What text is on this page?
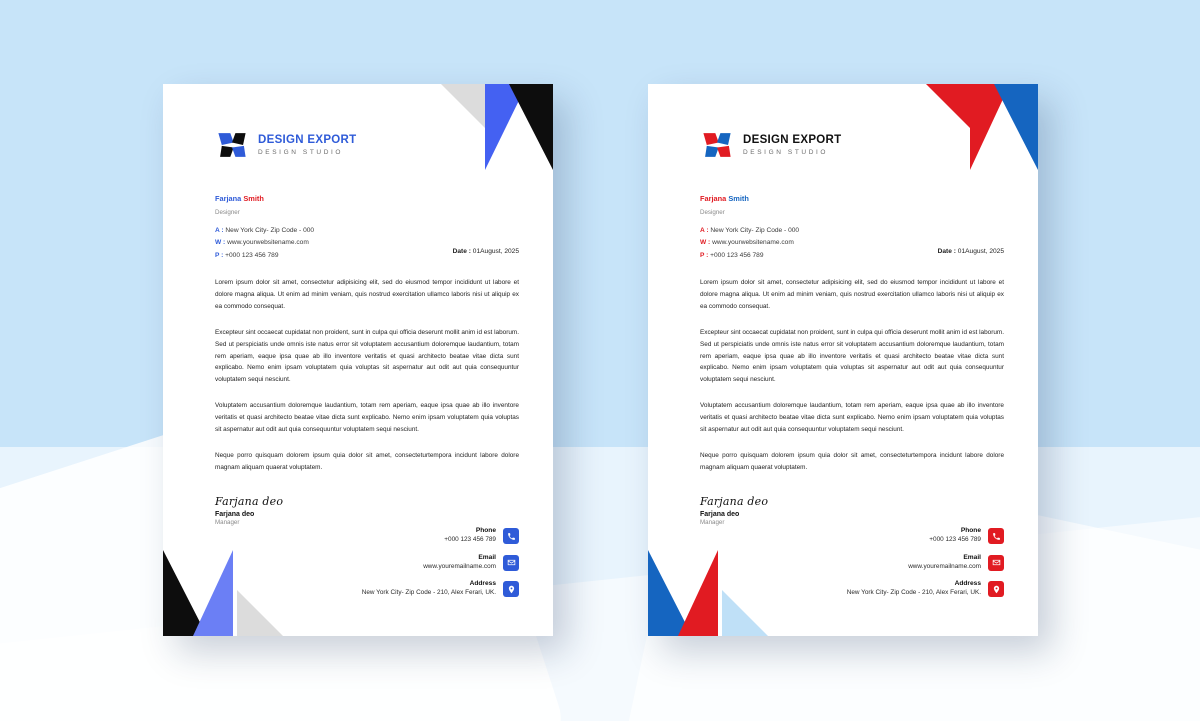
DESIGN EXPORT
DESIGN STUDIO
Farjana Smith
Designer
A : New York City- Zip Code - 000
W : www.yourwebsitename.com
P : +000 123 456 789	Date : 01August, 2025

Lorem ipsum dolor sit amet, consectetur adipisicing elit, sed do eiusmod tempor incididunt ut labore et dolore magna aliqua. Ut enim ad minim veniam, quis nostrud exercitation ullamco laboris nisi ut aliquip ex ea commodo consequat.

Excepteur sint occaecat cupidatat non proident, sunt in culpa qui officia deserunt mollit anim id est laborum. Sed ut perspiciatis unde omnis iste natus error sit voluptatem accusantium doloremque laudantium, totam rem aperiam, eaque ipsa quae ab illo inventore veritatis et quasi architecto beatae vitae dicta sunt explicabo. Nemo enim ipsam voluptatem quia voluptas sit aspernatur aut odit aut quia consequuntur voluptatem sequi nesciunt.

Voluptatem accusantium doloremque laudantium, totam rem aperiam, eaque ipsa quae ab illo inventore veritatis et quasi architecto beatae vitae dicta sunt explicabo. Nemo enim ipsam voluptatem quia voluptas sit aspernatur aut odit aut quia consequuntur voluptatem sequi nesciunt.

Neque porro quisquam dolorem ipsum quia dolor sit amet, consecteturtempora incidunt labore dolore magnam aliquam quaerat voluptatem.

Farjana deo
Farjana deo
Manager
Phone
+000 123 456 789
Email
www.youremailname.com
Address
New York City- Zip Code - 210, Alex Ferari, UK.
DESIGN EXPORT
DESIGN STUDIO
Farjana Smith
Designer
A : New York City- Zip Code - 000
W : www.yourwebsitename.com
P : +000 123 456 789	Date : 01August, 2025

Lorem ipsum dolor sit amet, consectetur adipisicing elit, sed do eiusmod tempor incididunt ut labore et dolore magna aliqua. Ut enim ad minim veniam, quis nostrud exercitation ullamco laboris nisi ut aliquip ex ea commodo consequat.

Excepteur sint occaecat cupidatat non proident, sunt in culpa qui officia deserunt mollit anim id est laborum. Sed ut perspiciatis unde omnis iste natus error sit voluptatem accusantium doloremque laudantium, totam rem aperiam, eaque ipsa quae ab illo inventore veritatis et quasi architecto beatae vitae dicta sunt explicabo. Nemo enim ipsam voluptatem quia voluptas sit aspernatur aut odit aut quia consequuntur voluptatem sequi nesciunt.

Voluptatem accusantium doloremque laudantium, totam rem aperiam, eaque ipsa quae ab illo inventore veritatis et quasi architecto beatae vitae dicta sunt explicabo. Nemo enim ipsam voluptatem quia voluptas sit aspernatur aut odit aut quia consequuntur voluptatem sequi nesciunt.

Neque porro quisquam dolorem ipsum quia dolor sit amet, consecteturtempora incidunt labore dolore magnam aliquam quaerat voluptatem.

Farjana deo
Farjana deo
Manager
Phone
+000 123 456 789
Email
www.youremailname.com
Address
New York City- Zip Code - 210, Alex Ferari, UK.
